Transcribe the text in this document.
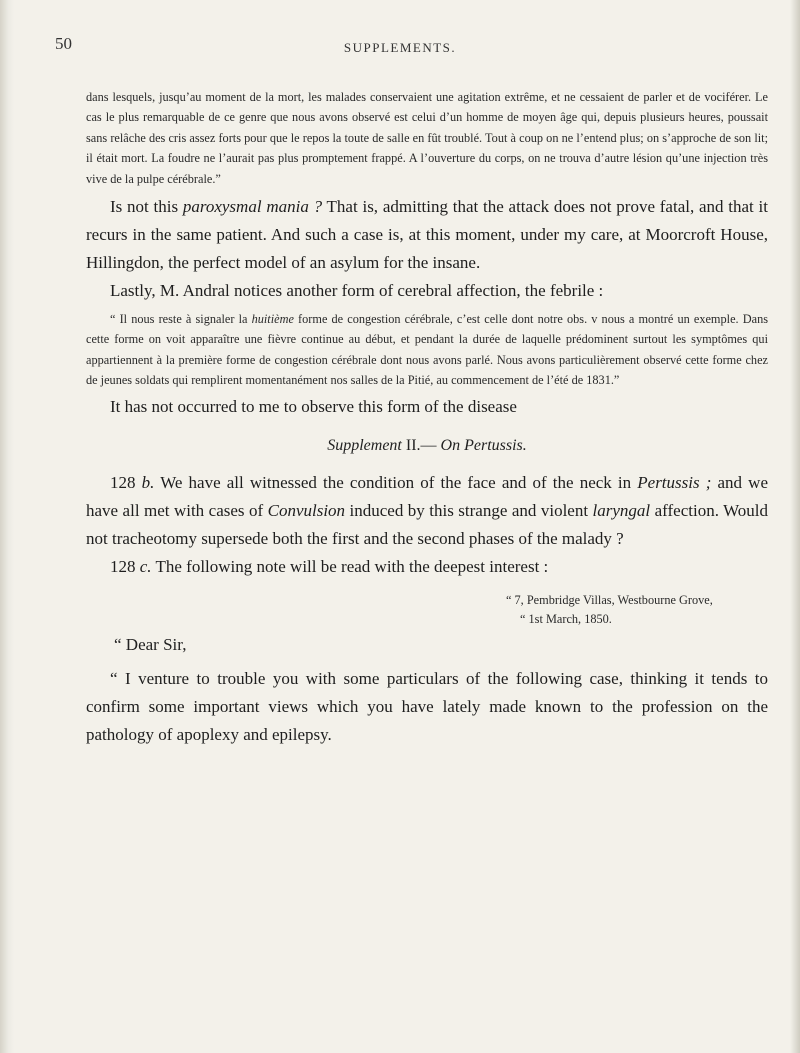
50	SUPPLEMENTS.

dans lesquels, jusqu’au moment de la mort, les malades conservaient une agitation extrême, et ne cessaient de parler et de vociférer. Le cas le plus remarquable de ce genre que nous avons observé est celui d’un homme de moyen âge qui, depuis plusieurs heures, poussait sans relâche des cris assez forts pour que le repos la toute de salle en fût troublé. Tout à coup on ne l’entend plus; on s’approche de son lit; il était mort. La foudre ne l’aurait pas plus promptement frappé. A l’ouverture du corps, on ne trouva d’autre lésion qu’une injection très vive de la pulpe cérébrale.”

Is not this paroxysmal mania ? That is, admitting that the attack does not prove fatal, and that it recurs in the same patient. And such a case is, at this moment, under my care, at Moorcroft House, Hillingdon, the perfect model of an asylum for the insane.

Lastly, M. Andral notices another form of cerebral affection, the febrile :

“ Il nous reste à signaler la huitième forme de congestion cérébrale, c’est celle dont notre obs. v nous a montré un exemple. Dans cette forme on voit apparaître une fièvre continue au début, et pendant la durée de laquelle prédominent surtout les symptômes qui appartiennent à la première forme de congestion cérébrale dont nous avons parlé. Nous avons particulièrement observé cette forme chez de jeunes soldats qui remplirent momentanément nos salles de la Pitié, au commencement de l’été de 1831.”

It has not occurred to me to observe this form of the disease

Supplement II.— On Pertussis.

128 b. We have all witnessed the condition of the face and of the neck in Pertussis ; and we have all met with cases of Convulsion induced by this strange and violent laryngal affection. Would not tracheotomy supersede both the first and the second phases of the malady ?

128 c. The following note will be read with the deepest interest :

“ 7, Pembridge Villas, Westbourne Grove,

“ 1st March, 1850.

“ Dear Sir,

“ I venture to trouble you with some particulars of the following case, thinking it tends to confirm some important views which you have lately made known to the profession on the pathology of apoplexy and epilepsy.
